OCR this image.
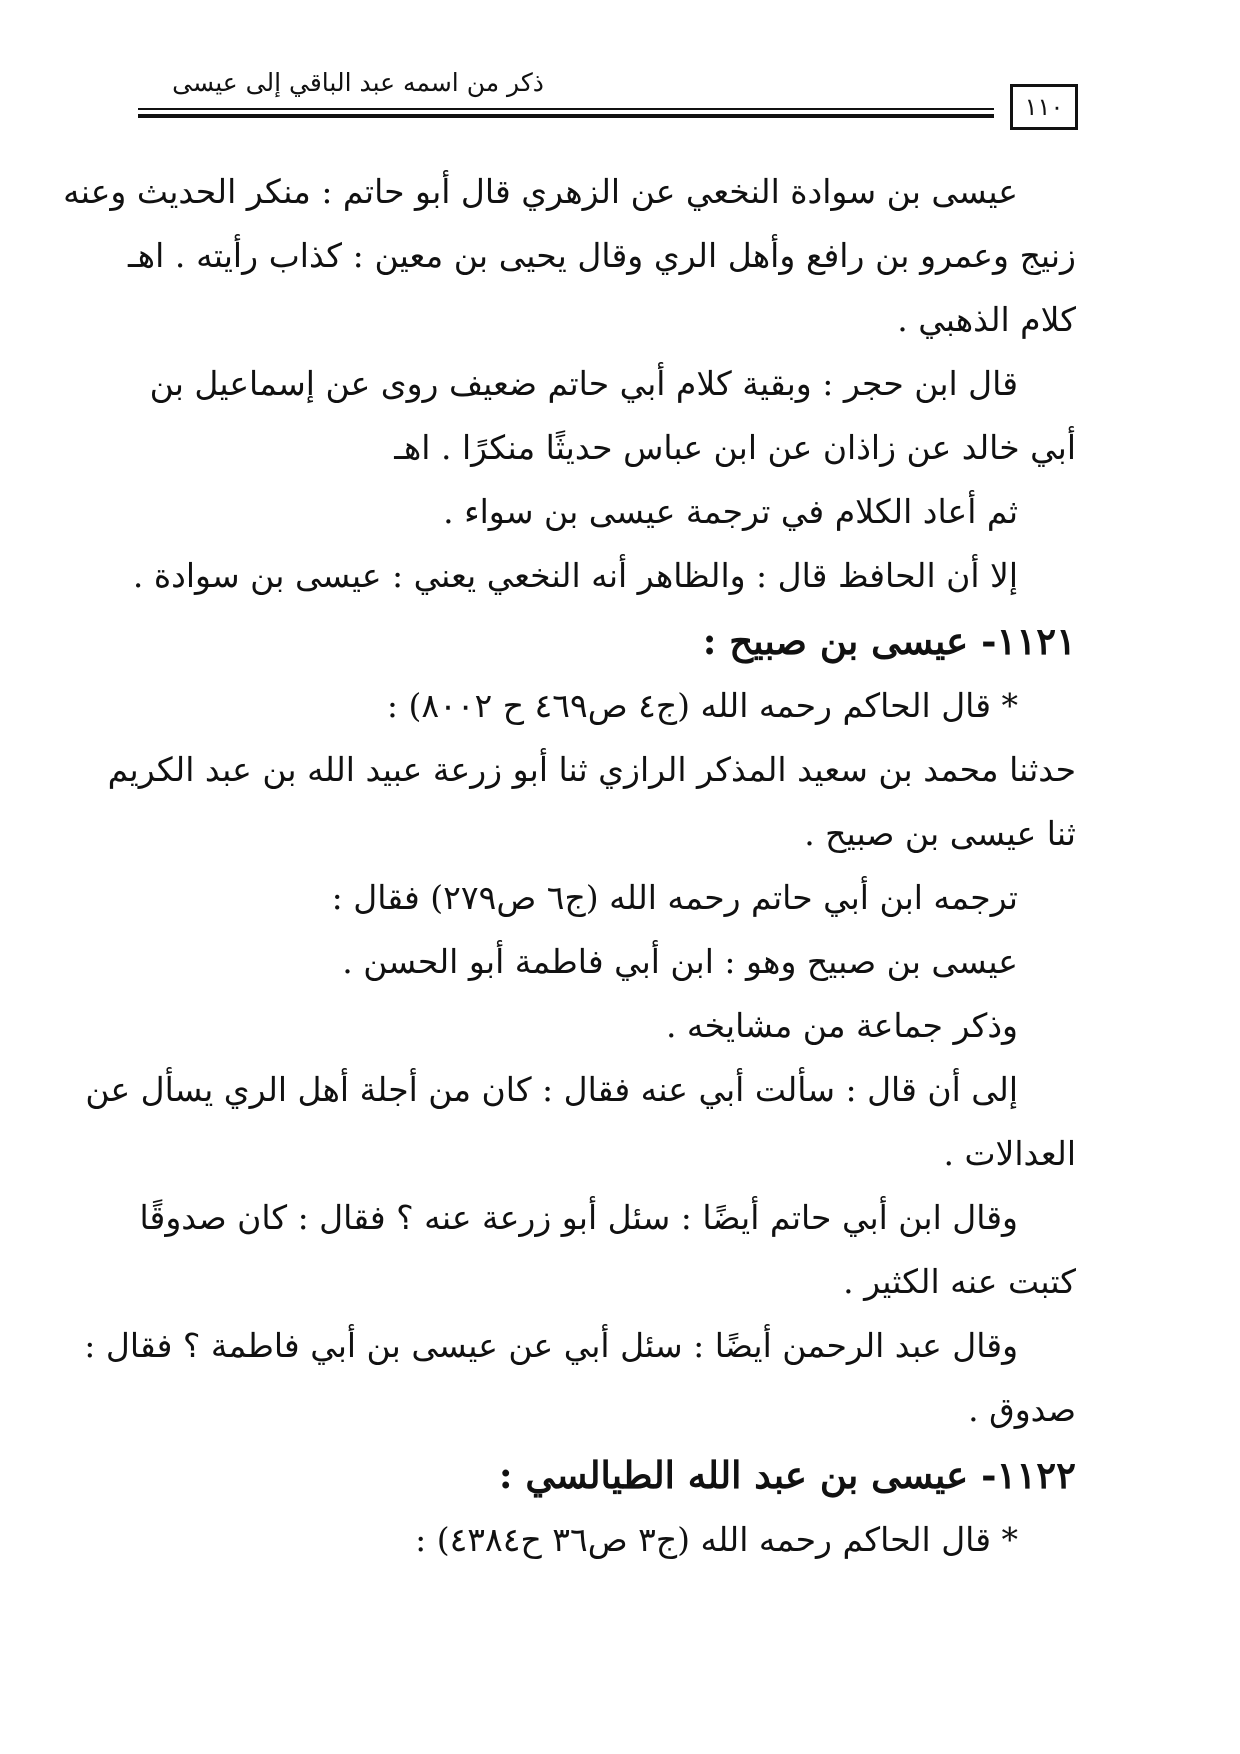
ذكر من اسمه عبد الباقي إلى عيسى
١١٠

عيسى بن سوادة النخعي عن الزهري قال أبو حاتم : منكر الحديث وعنه

زنيج وعمرو بن رافع وأهل الري وقال يحيى بن معين : كذاب رأيته . اهـ

كلام الذهبي .

قال ابن حجر : وبقية كلام أبي حاتم ضعيف روى عن إسماعيل بن

أبي خالد عن زاذان عن ابن عباس حديثًا منكرًا . اهـ

ثم أعاد الكلام في ترجمة عيسى بن سواء .

إلا أن الحافظ قال : والظاهر أنه النخعي يعني : عيسى بن سوادة .

١١٢١- عيسى بن صبيح :

* قال الحاكم رحمه الله (ج٤ ص٤٦٩ ح ٨٠٠٢) :

حدثنا محمد بن سعيد المذكر الرازي ثنا أبو زرعة عبيد الله بن عبد الكريم

ثنا عيسى بن صبيح .

ترجمه ابن أبي حاتم رحمه الله (ج٦ ص٢٧٩) فقال :

عيسى بن صبيح وهو : ابن أبي فاطمة أبو الحسن .

وذكر جماعة من مشايخه .

إلى أن قال : سألت أبي عنه فقال : كان من أجلة أهل الري يسأل عن

العدالات .

وقال ابن أبي حاتم أيضًا : سئل أبو زرعة عنه ؟ فقال : كان صدوقًا

كتبت عنه الكثير .

وقال عبد الرحمن أيضًا : سئل أبي عن عيسى بن أبي فاطمة ؟ فقال :

صدوق .

١١٢٢- عيسى بن عبد الله الطيالسي :

* قال الحاكم رحمه الله (ج٣ ص٣٦ ح٤٣٨٤) :
